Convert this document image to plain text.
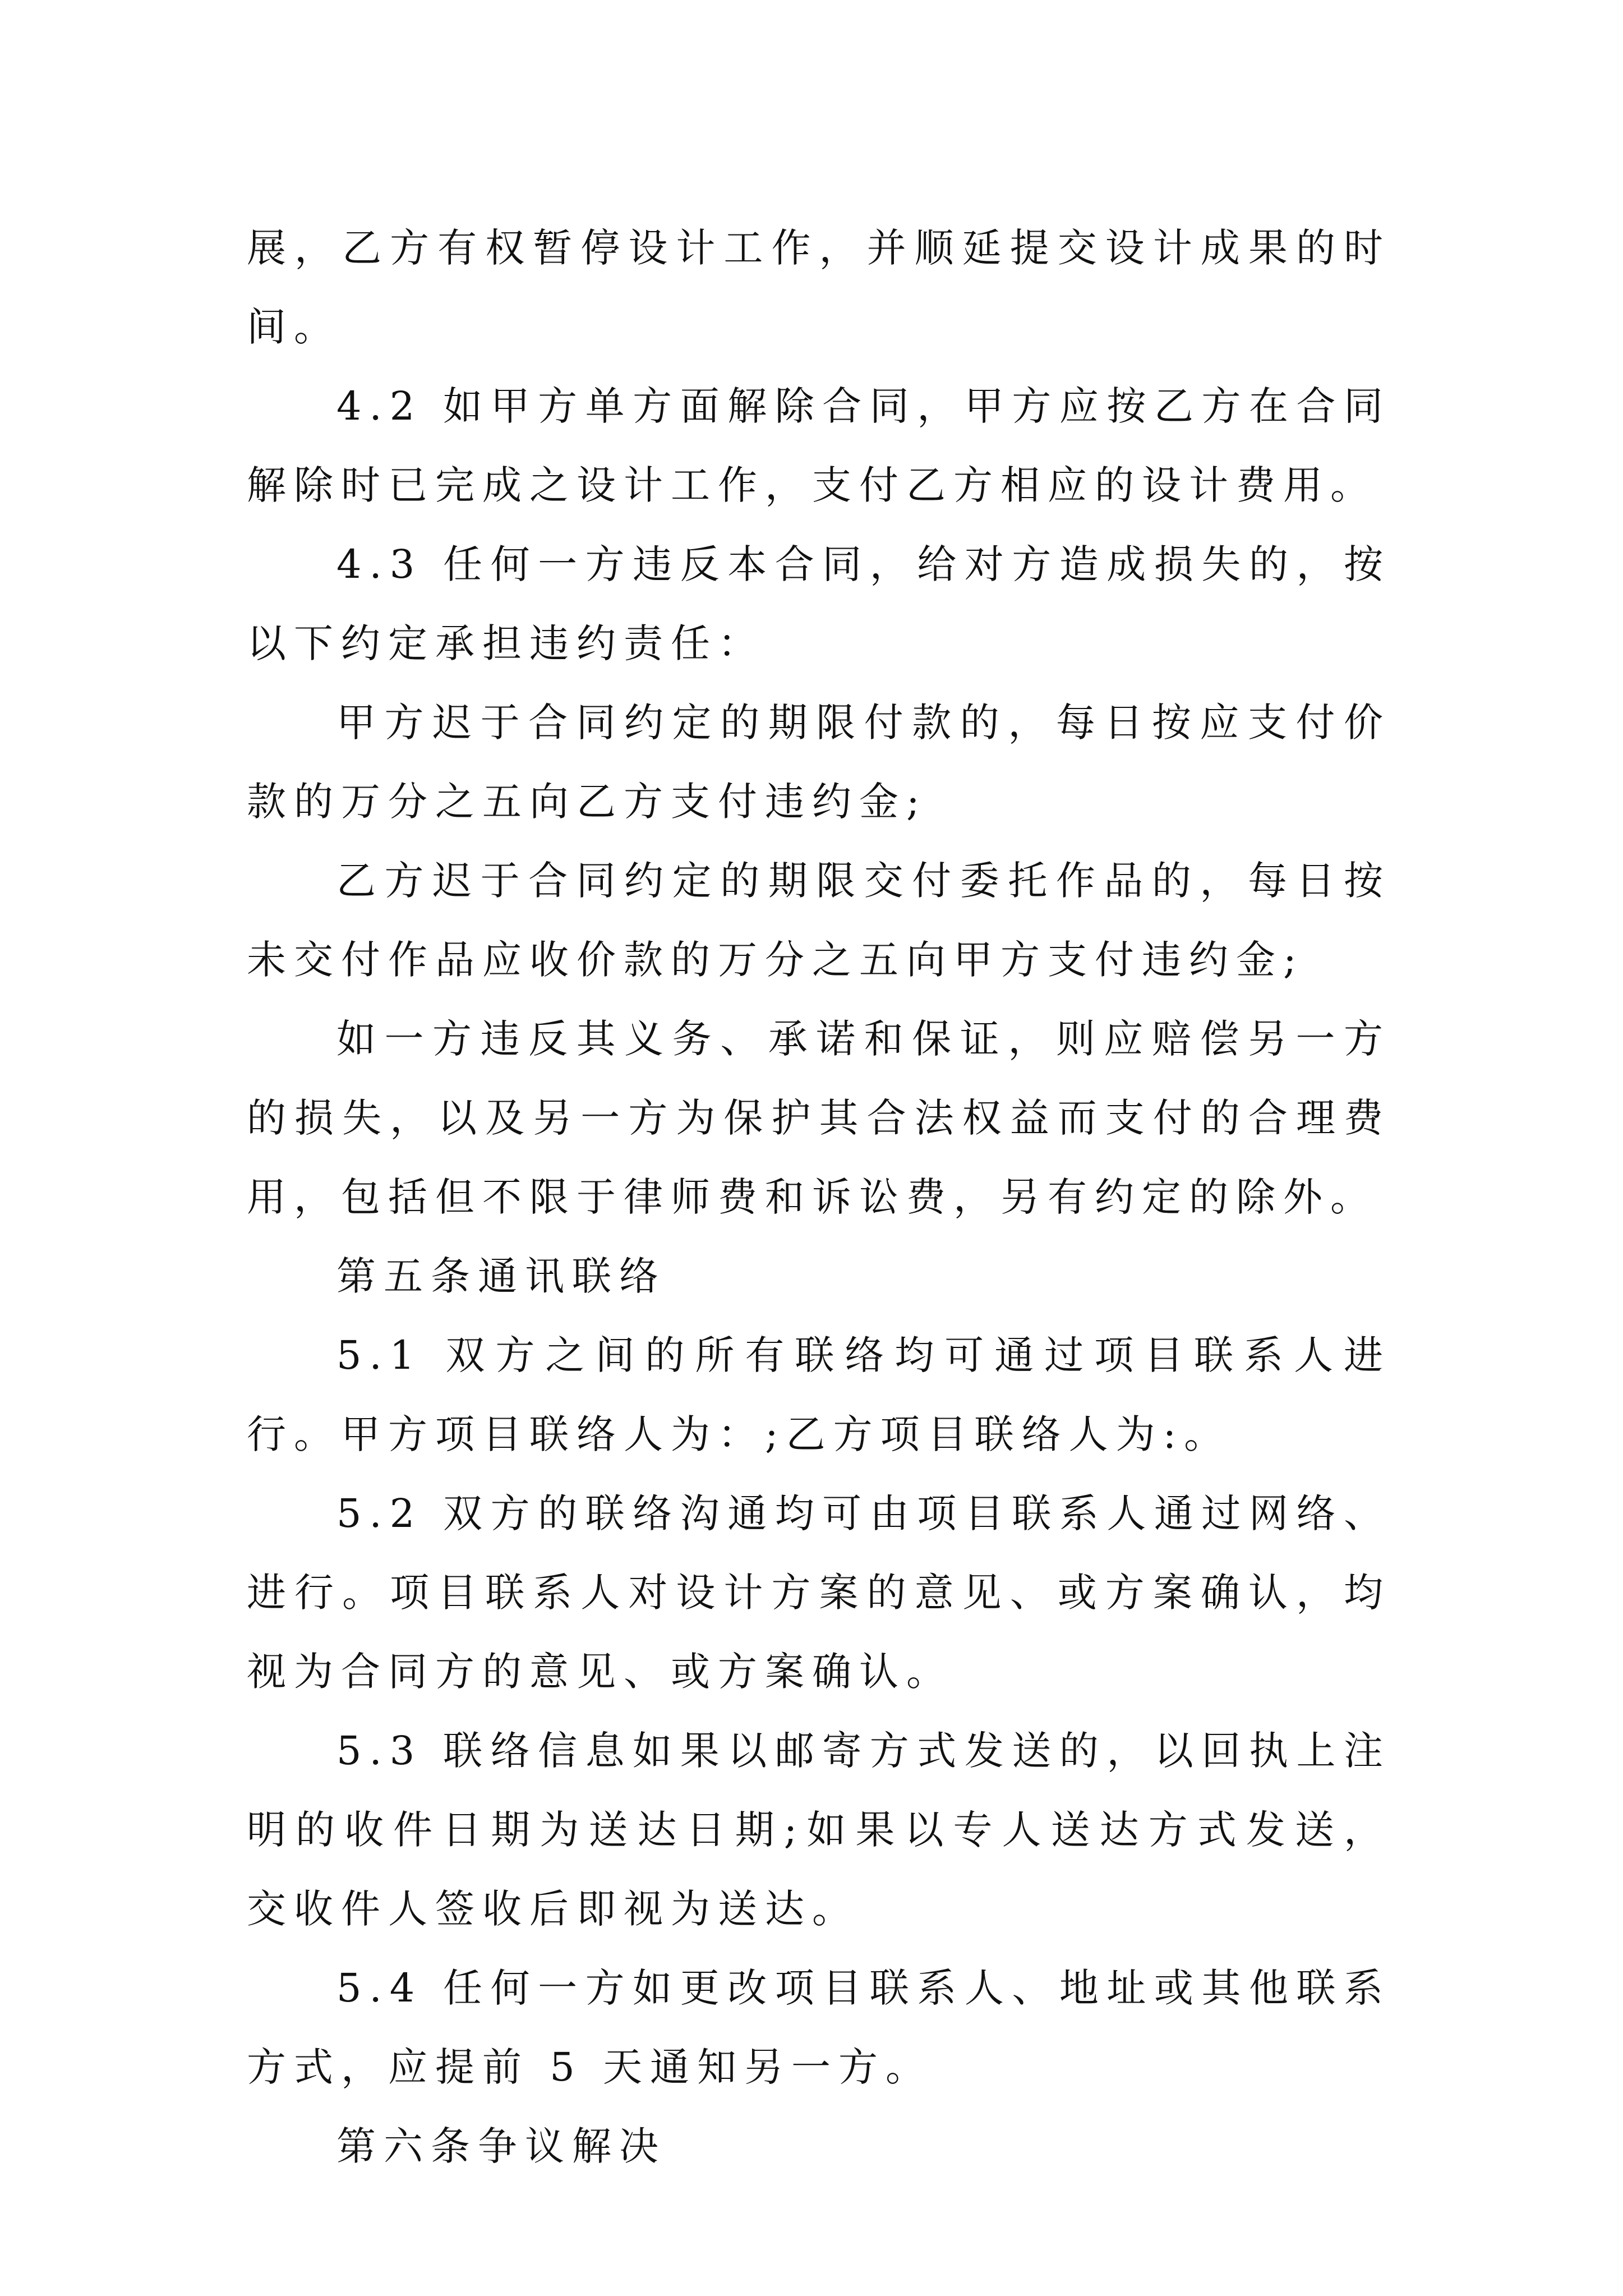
展，乙方有权暂停设计工作，并顺延提交设计成果的时间。

4.2 如甲方单方面解除合同，甲方应按乙方在合同解除时已完成之设计工作，支付乙方相应的设计费用。

4.3 任何一方违反本合同，给对方造成损失的，按以下约定承担违约责任：

甲方迟于合同约定的期限付款的，每日按应支付价款的万分之五向乙方支付违约金;

乙方迟于合同约定的期限交付委托作品的，每日按未交付作品应收价款的万分之五向甲方支付违约金;

如一方违反其义务、承诺和保证，则应赔偿另一方的损失，以及另一方为保护其合法权益而支付的合理费用，包括但不限于律师费和诉讼费，另有约定的除外。

第五条通讯联络

5.1 双方之间的所有联络均可通过项目联系人进行。甲方项目联络人为：;乙方项目联络人为:。

5.2 双方的联络沟通均可由项目联系人通过网络、进行。项目联系人对设计方案的意见、或方案确认，均视为合同方的意见、或方案确认。

5.3 联络信息如果以邮寄方式发送的，以回执上注明的收件日期为送达日期;如果以专人送达方式发送，交收件人签收后即视为送达。

5.4 任何一方如更改项目联系人、地址或其他联系方式，应提前 5 天通知另一方。

第六条争议解决
